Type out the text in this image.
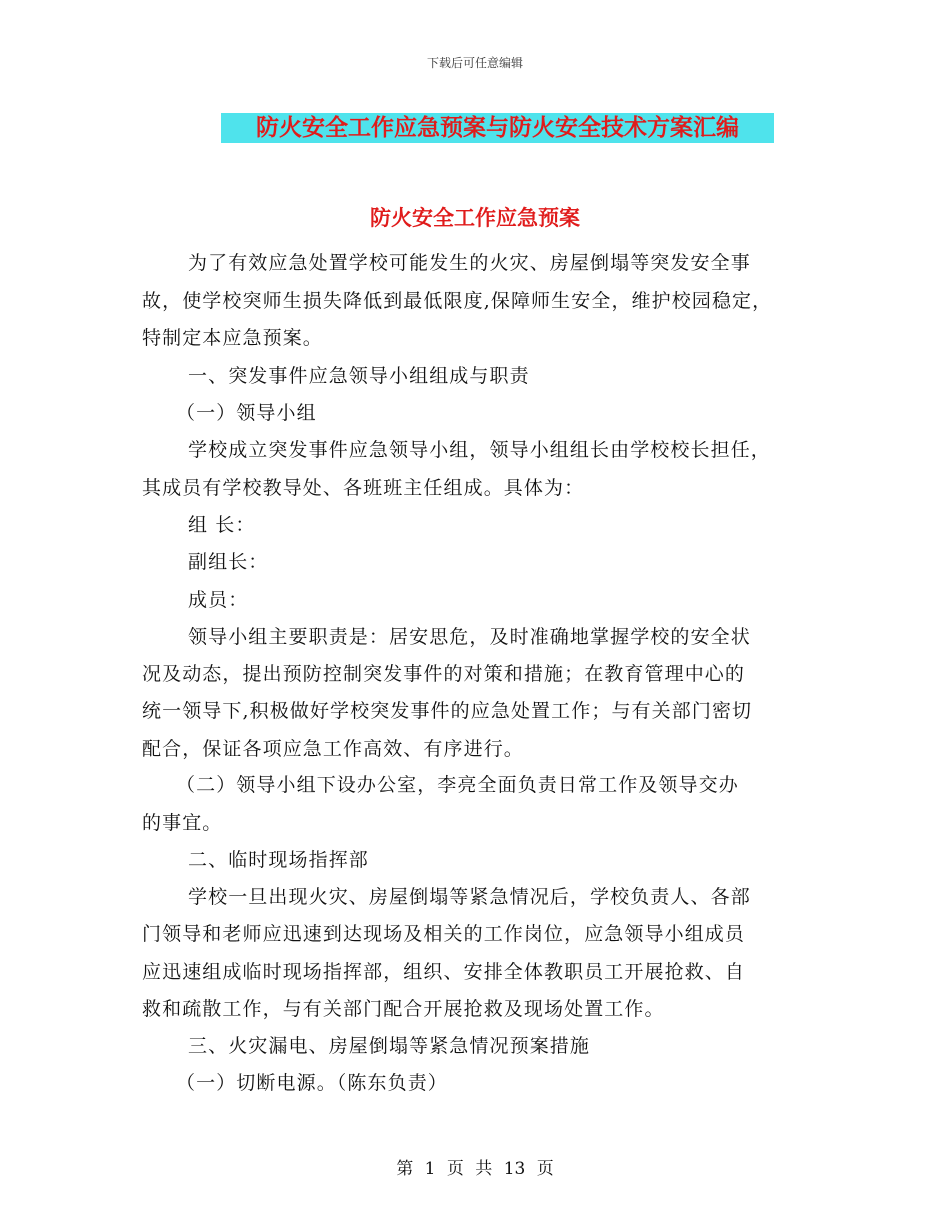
下载后可任意编辑
防火安全工作应急预案与防火安全技术方案汇编
防火安全工作应急预案
为了有效应急处置学校可能发生的火灾、房屋倒塌等突发安全事
故，使学校突师生损失降低到最低限度,保障师生安全，维护校园稳定，
特制定本应急预案。
一、突发事件应急领导小组组成与职责
（一）领导小组
学校成立突发事件应急领导小组，领导小组组长由学校校长担任，
其成员有学校教导处、各班班主任组成。具体为：
组 长：
副组长：
成员：
领导小组主要职责是：居安思危，及时准确地掌握学校的安全状
况及动态，提出预防控制突发事件的对策和措施；在教育管理中心的
统一领导下,积极做好学校突发事件的应急处置工作；与有关部门密切
配合，保证各项应急工作高效、有序进行。
（二）领导小组下设办公室，李亮全面负责日常工作及领导交办
的事宜。
二、临时现场指挥部
学校一旦出现火灾、房屋倒塌等紧急情况后，学校负责人、各部
门领导和老师应迅速到达现场及相关的工作岗位，应急领导小组成员
应迅速组成临时现场指挥部，组织、安排全体教职员工开展抢救、自
救和疏散工作，与有关部门配合开展抢救及现场处置工作。
三、火灾漏电、房屋倒塌等紧急情况预案措施
（一）切断电源。（陈东负责）
第 1 页 共 13 页
